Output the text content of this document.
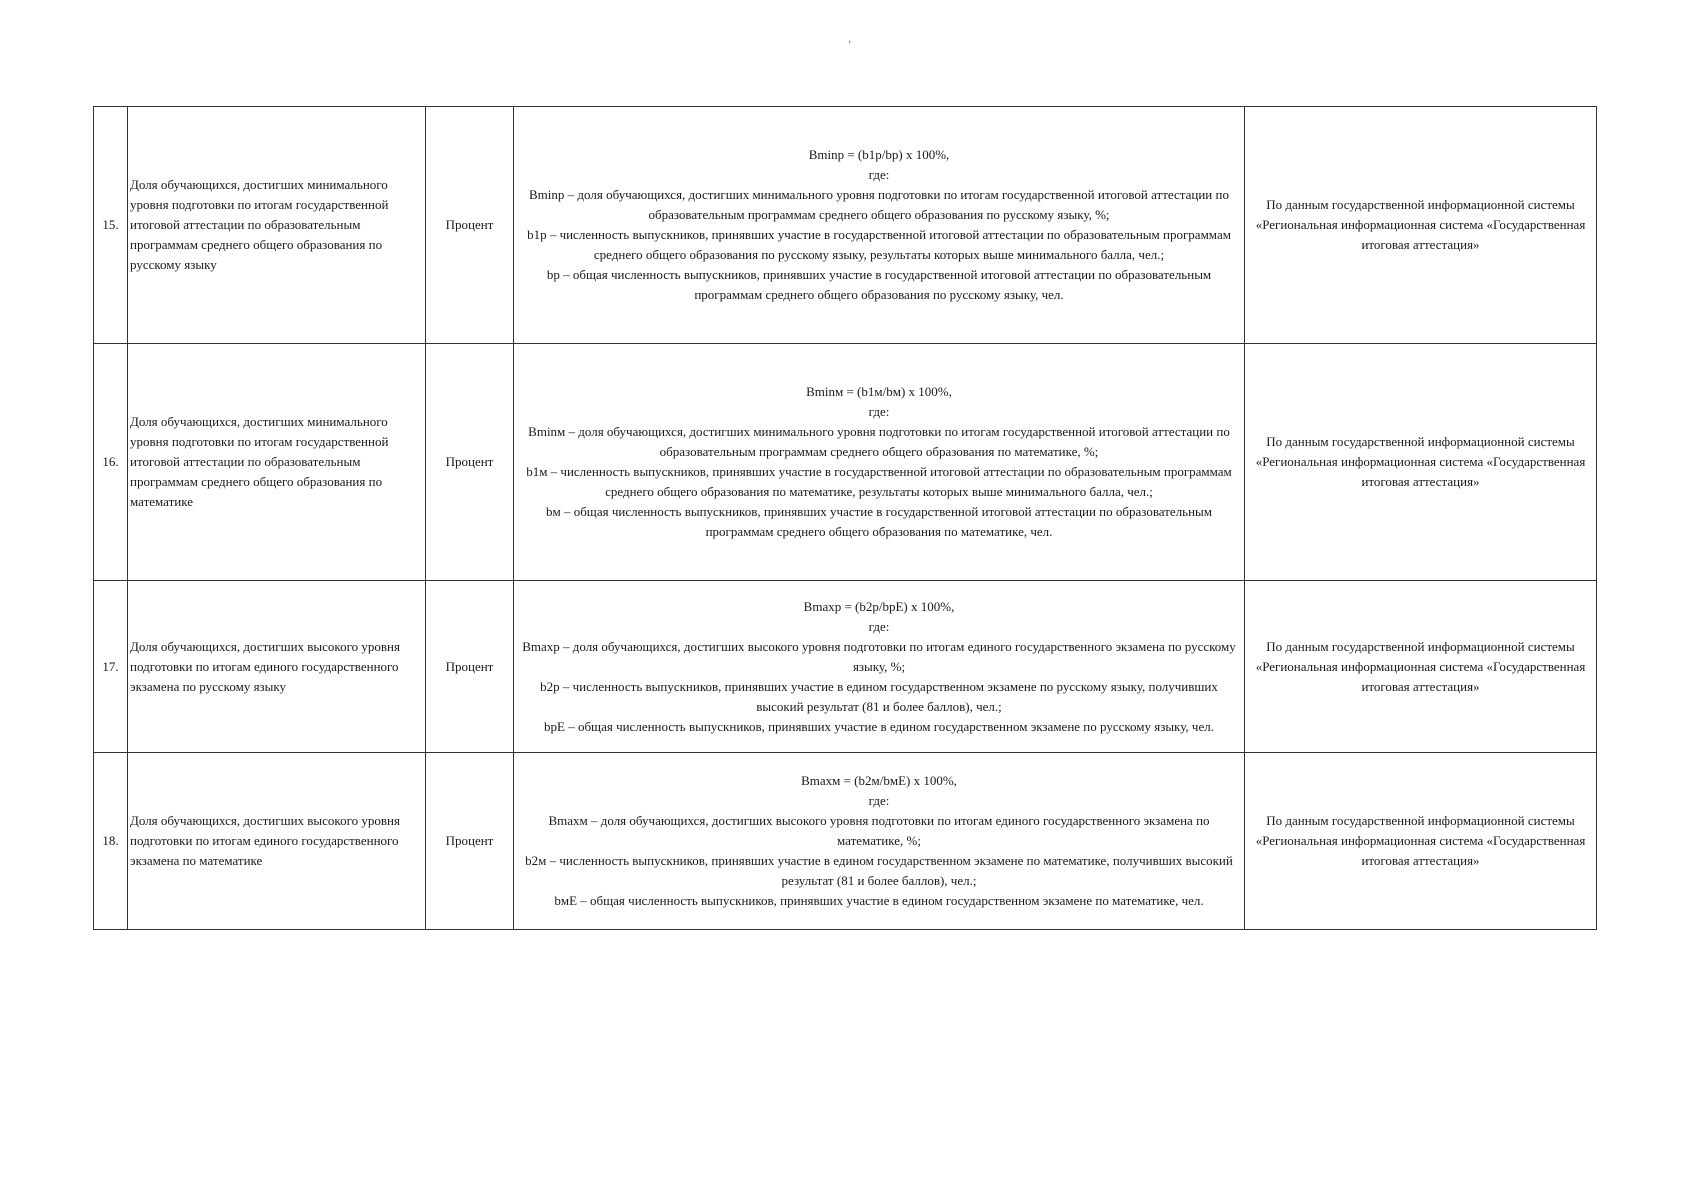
ʼ
15.	Доля обучающихся, достигших минимального уровня подготовки по итогам государственной итоговой аттестации по образовательным программам среднего общего образования по русскому языку	Процент	Bminр = (b1р/bр) x 100%,
где:
Bminр – доля обучающихся, достигших минимального уровня подготовки по итогам государственной итоговой аттестации по образовательным программам среднего общего образования по русскому языку, %;
b1р – численность выпускников, принявших участие в государственной итоговой аттестации по образовательным программам среднего общего образования по русскому языку, результаты которых выше минимального балла, чел.;
bр – общая численность выпускников, принявших участие в государственной итоговой аттестации по образовательным программам среднего общего образования по русскому языку, чел.	По данным государственной информационной системы «Региональная информационная система «Государственная итоговая аттестация»
16.	Доля обучающихся, достигших минимального уровня подготовки по итогам государственной итоговой аттестации по образовательным программам среднего общего образования по математике	Процент	Bminм = (b1м/bм) x 100%,
где:
Bminм – доля обучающихся, достигших минимального уровня подготовки по итогам государственной итоговой аттестации по образовательным программам среднего общего образования по математике, %;
b1м – численность выпускников, принявших участие в государственной итоговой аттестации по образовательным программам среднего общего образования по математике, результаты которых выше минимального балла, чел.;
bм – общая численность выпускников, принявших участие в государственной итоговой аттестации по образовательным программам среднего общего образования по математике, чел.	По данным государственной информационной системы «Региональная информационная система «Государственная итоговая аттестация»
17.	Доля обучающихся, достигших высокого уровня подготовки по итогам единого государственного экзамена по русскому языку	Процент	Bmaxр = (b2р/bрЕ) x 100%,
где:
Bmaxр – доля обучающихся, достигших высокого уровня подготовки по итогам единого государственного экзамена по русскому языку, %;
b2р – численность выпускников, принявших участие в едином государственном экзамене по русскому языку, получивших высокий результат (81 и более баллов), чел.;
bрЕ – общая численность выпускников, принявших участие в едином государственном экзамене по русскому языку, чел.	По данным государственной информационной системы «Региональная информационная система «Государственная итоговая аттестация»
18.	Доля обучающихся, достигших высокого уровня подготовки по итогам единого государственного экзамена по математике	Процент	Bmaxм = (b2м/bмЕ) x 100%,
где:
Bmaxм – доля обучающихся, достигших высокого уровня подготовки по итогам единого государственного экзамена по математике, %;
b2м – численность выпускников, принявших участие в едином государственном экзамене по математике, получивших высокий результат (81 и более баллов), чел.;
bмЕ – общая численность выпускников, принявших участие в едином государственном экзамене по математике, чел.	По данным государственной информационной системы «Региональная информационная система «Государственная итоговая аттестация»
